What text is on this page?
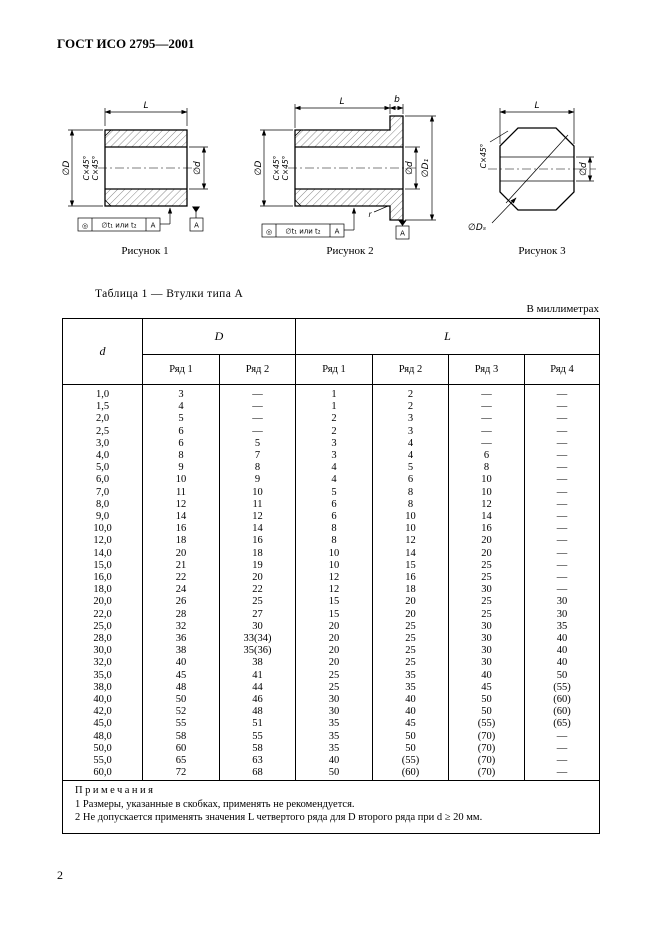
ГОСТ ИСО 2795—2001
L
∅D C×45° C×45°	∅d
◎ ∅t₁ или t₂ A	A
Рисунок 1
L	b
∅D C×45° C×45°	∅d ∅D₁
r
◎ ∅t₁ или t₂ A	A
Рисунок 2
L
C×45°
∅d
∅Dₛ
Рисунок 3
Таблица 1 — Втулки типа А
В миллиметрах
d	D		L			
	Ряд 1	Ряд 2	Ряд 1	Ряд 2	Ряд 3	Ряд 4
1,0	3	—	1	2	—	—
1,5	4	—	1	2	—	—
2,0	5	—	2	3	—	—
2,5	6	—	2	3	—	—
3,0	6	5	3	4	—	—
4,0	8	7	3	4	6	—
5,0	9	8	4	5	8	—
6,0	10	9	4	6	10	—
7,0	11	10	5	8	10	—
8,0	12	11	6	8	12	—
9,0	14	12	6	10	14	—
10,0	16	14	8	10	16	—
12,0	18	16	8	12	20	—
14,0	20	18	10	14	20	—
15,0	21	19	10	15	25	—
16,0	22	20	12	16	25	—
18,0	24	22	12	18	30	—
20,0	26	25	15	20	25	30
22,0	28	27	15	20	25	30
25,0	32	30	20	25	30	35
28,0	36	33(34)	20	25	30	40
30,0	38	35(36)	20	25	30	40
32,0	40	38	20	25	30	40
35,0	45	41	25	35	40	50
38,0	48	44	25	35	45	(55)
40,0	50	46	30	40	50	(60)
42,0	52	48	30	40	50	(60)
45,0	55	51	35	45	(55)	(65)
48,0	58	55	35	50	(70)	—
50,0	60	58	35	50	(70)	—
55,0	65	63	40	(55)	(70)	—
60,0	72	68	50	(60)	(70)	—

Примечания
1 Размеры, указанные в скобках, применять не рекомендуется.
2 Не допускается применять значения L четвертого ряда для D второго ряда при d ≥ 20 мм.						
2
